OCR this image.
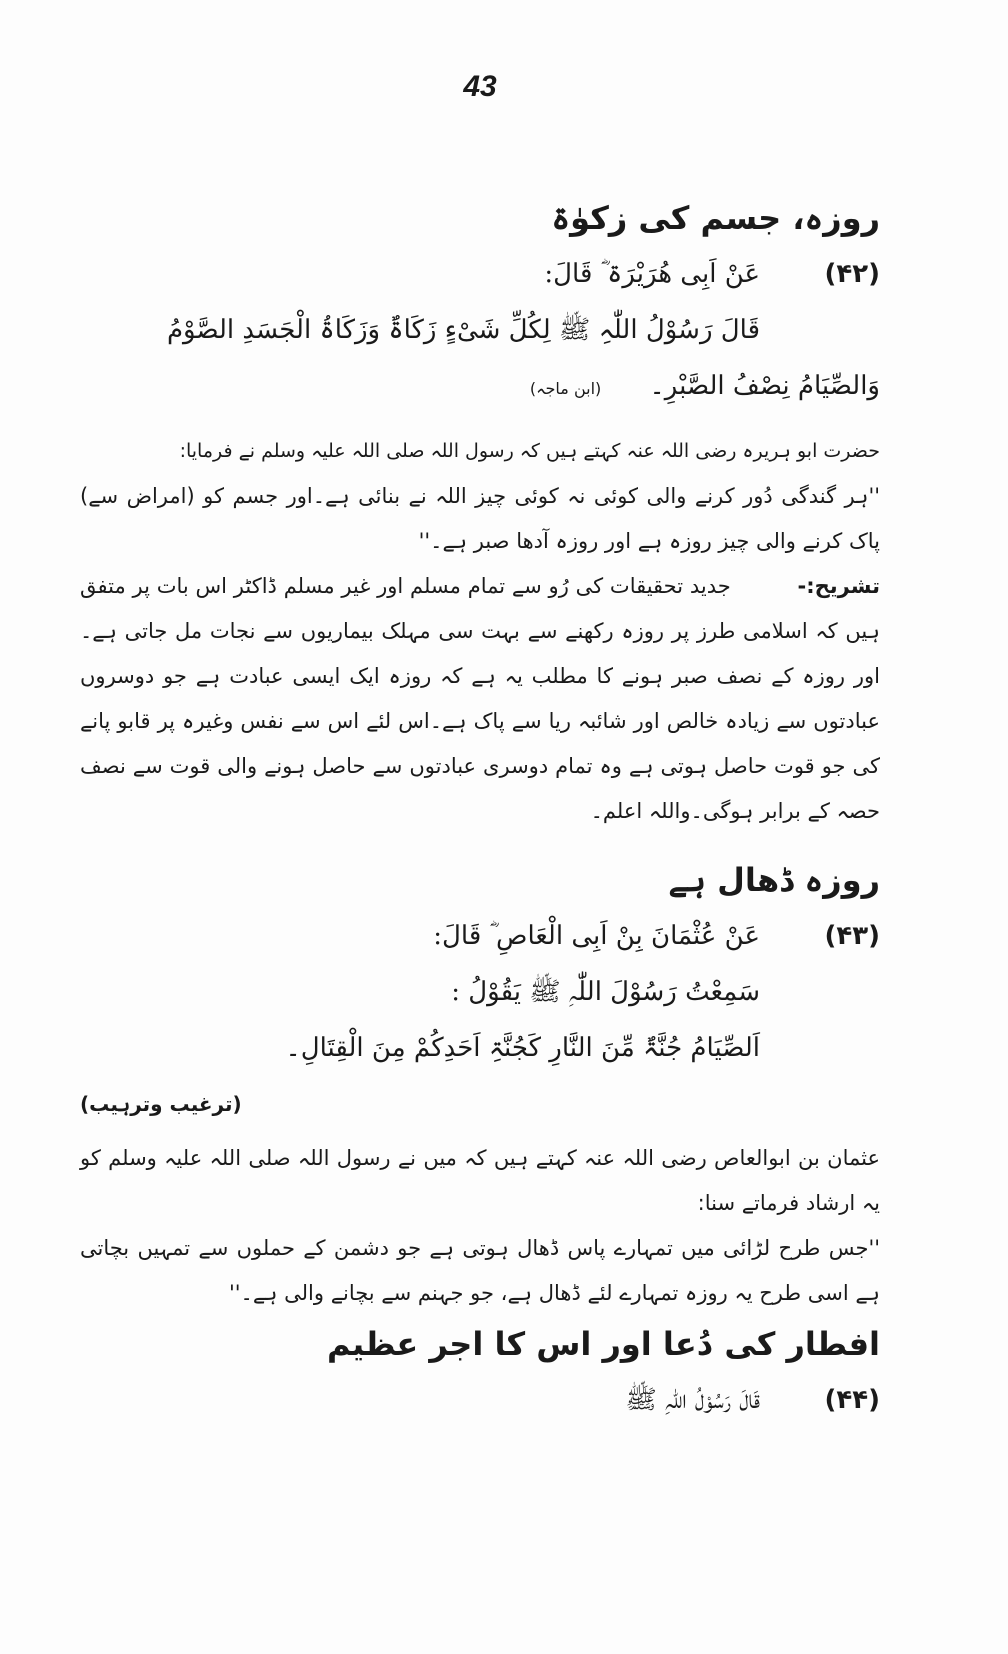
43
روزہ، جسم کی زکوٰۃ
(۴۲)
عَنْ اَبِی ھُرَیْرَۃ ؓ قَالَ:

قَالَ رَسُوْلُ اللّٰہِ ﷺ لِکُلِّ شَیْءٍ زَکَاۃٌ وَزَکَاۃُ الْجَسَدِ الصَّوْمُ

وَالصِّیَامُ نِصْفُ الصَّبْرِ۔ (ابن ماجہ)

حضرت ابو ہریرہ رضی اللہ عنہ کہتے ہیں کہ رسول اللہ صلی اللہ علیہ وسلم نے فرمایا:

''ہر گندگی دُور کرنے والی کوئی نہ کوئی چیز اللہ نے بنائی ہے۔اور جسم کو (امراض سے) پاک کرنے والی چیز روزہ ہے اور روزہ آدھا صبر ہے۔''

تشریح:- جدید تحقیقات کی رُو سے تمام مسلم اور غیر مسلم ڈاکٹر اس بات پر متفق ہیں کہ اسلامی طرز پر روزہ رکھنے سے بہت سی مہلک بیماریوں سے نجات مل جاتی ہے۔اور روزہ کے نصف صبر ہونے کا مطلب یہ ہے کہ روزہ ایک ایسی عبادت ہے جو دوسروں عبادتوں سے زیادہ خالص اور شائبہ ریا سے پاک ہے۔اس لئے اس سے نفس وغیرہ پر قابو پانے کی جو قوت حاصل ہوتی ہے وہ تمام دوسری عبادتوں سے حاصل ہونے والی قوت سے نصف حصہ کے برابر ہوگی۔واللہ اعلم۔

روزہ ڈھال ہے
(۴۳)
عَنْ عُثْمَانَ بِنْ اَبِی الْعَاصِ ؓ قَالَ:

سَمِعْتُ رَسُوْلَ اللّٰہِ ﷺ یَقُوْلُ :

اَلصِّیَامُ جُنَّۃٌ مِّنَ النَّارِ کَجُنَّۃِ اَحَدِکُمْ مِنَ الْقِتَالِ۔

(ترغیب وترہیب)

عثمان بن ابوالعاص رضی اللہ عنہ کہتے ہیں کہ میں نے رسول اللہ صلی اللہ علیہ وسلم کو یہ ارشاد فرماتے سنا:

''جس طرح لڑائی میں تمہارے پاس ڈھال ہوتی ہے جو دشمن کے حملوں سے تمہیں بچاتی ہے اسی طرح یہ روزہ تمہارے لئے ڈھال ہے، جو جہنم سے بچانے والی ہے۔''

افطار کی دُعا اور اس کا اجر عظیم
(۴۴)
قَالَ رَسُوْلُ اللّٰہِ ﷺ
